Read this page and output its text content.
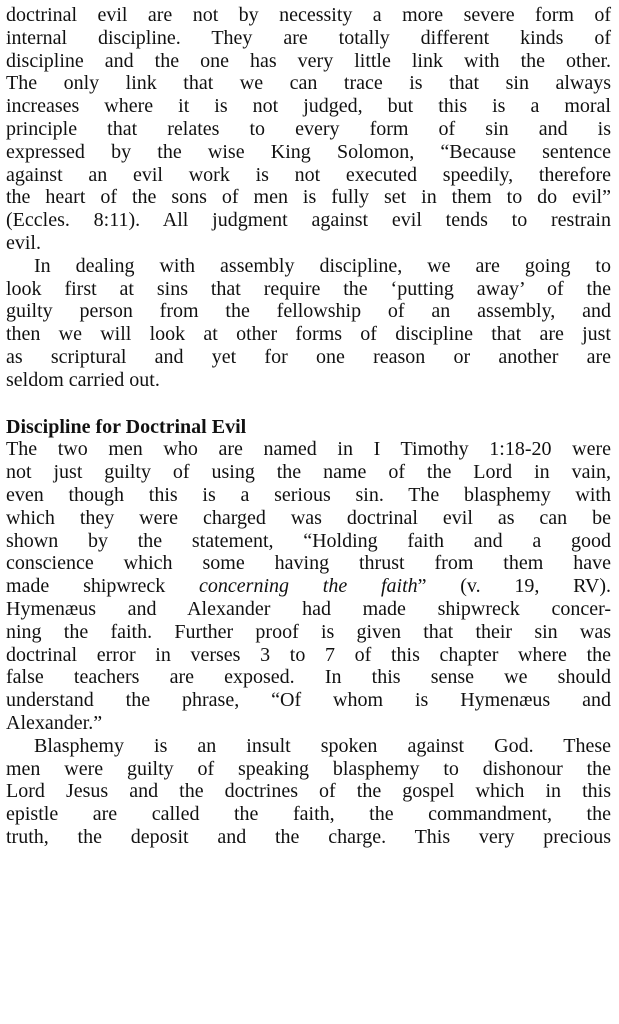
doctrinal evil are not by necessity a more severe form of
internal discipline. They are totally different kinds of
discipline and the one has very little link with the other.
The only link that we can trace is that sin always
increases where it is not judged, but this is a moral
principle that relates to every form of sin and is
expressed by the wise King Solomon, “Because sentence
against an evil work is not executed speedily, therefore
the heart of the sons of men is fully set in them to do evil”
(Eccles. 8:11). All judgment against evil tends to restrain
evil.
In dealing with assembly discipline, we are going to
look first at sins that require the ‘putting away’ of the
guilty person from the fellowship of an assembly, and
then we will look at other forms of discipline that are just
as scriptural and yet for one reason or another are
seldom carried out.
Discipline for Doctrinal Evil
The two men who are named in I Timothy 1:18-20 were
not just guilty of using the name of the Lord in vain,
even though this is a serious sin. The blasphemy with
which they were charged was doctrinal evil as can be
shown by the statement, “Holding faith and a good
conscience which some having thrust from them have
made shipwreck concerning the faith” (v. 19, RV).
Hymenæus and Alexander had made shipwreck concer-
ning the faith. Further proof is given that their sin was
doctrinal error in verses 3 to 7 of this chapter where the
false teachers are exposed. In this sense we should
understand the phrase, “Of whom is Hymenæus and
Alexander.”
Blasphemy is an insult spoken against God. These
men were guilty of speaking blasphemy to dishonour the
Lord Jesus and the doctrines of the gospel which in this
epistle are called the faith, the commandment, the
truth, the deposit and the charge. This very precious
